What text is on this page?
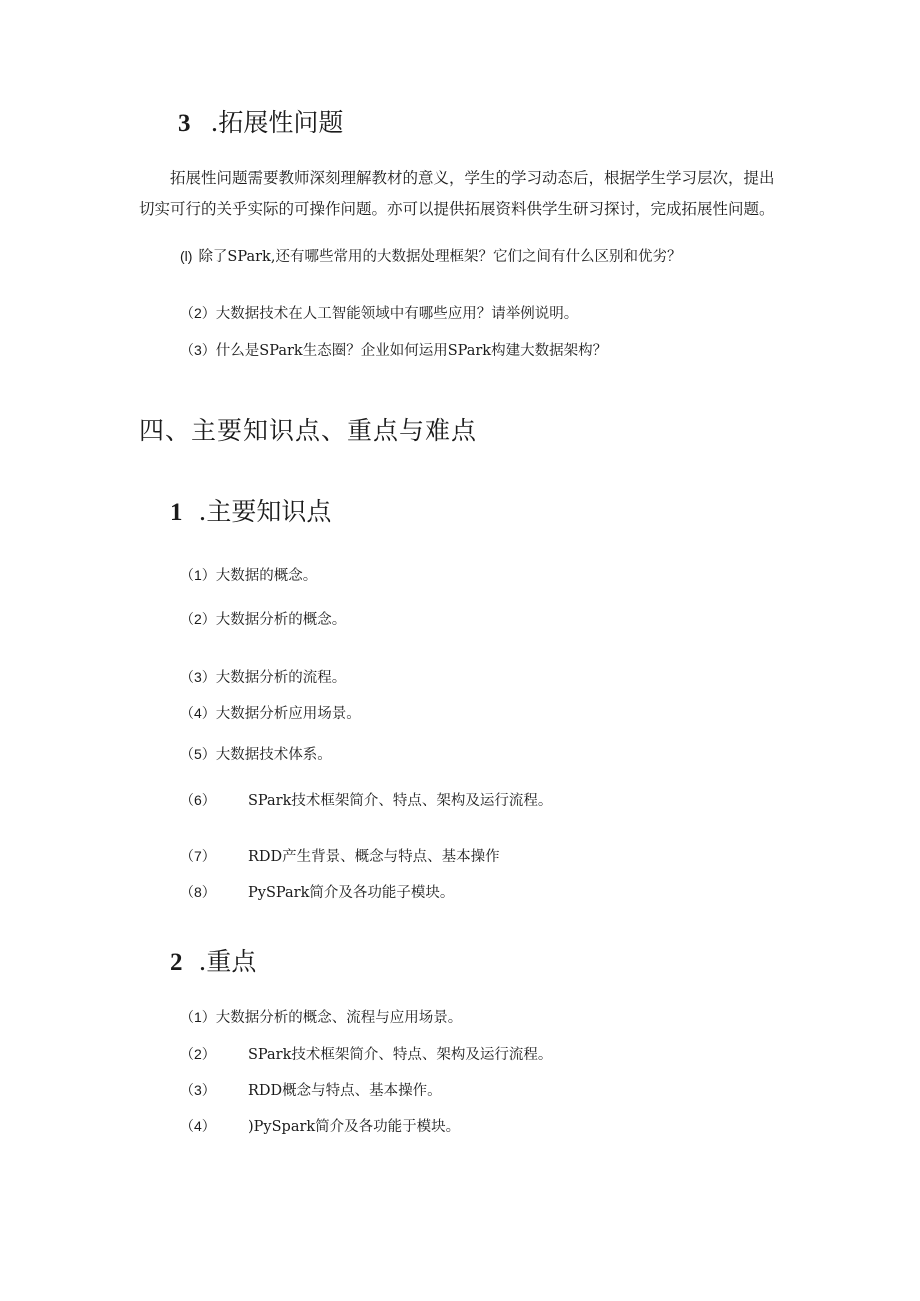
3 .拓展性问题
拓展性问题需要教师深刻理解教材的意义，学生的学习动态后，根据学生学习层次，提出切实可行的关乎实际的可操作问题。亦可以提供拓展资料供学生研习探讨，完成拓展性问题。
(l) 除了SPark,还有哪些常用的大数据处理框架？它们之间有什么区别和优劣？
（2）大数据技术在人工智能领域中有哪些应用？请举例说明。
（3）什么是SPark生态圈？企业如何运用SPark构建大数据架构？
四、主要知识点、重点与难点
1 .主要知识点
（1）大数据的概念。
（2）大数据分析的概念。
（3）大数据分析的流程。
（4）大数据分析应用场景。
（5）大数据技术体系。
（6） SPark技术框架简介、特点、架构及运行流程。
（7） RDD产生背景、概念与特点、基本操作
（8） PySPark简介及各功能子模块。
2 .重点
（1）大数据分析的概念、流程与应用场景。
（2） SPark技术框架简介、特点、架构及运行流程。
（3） RDD概念与特点、基本操作。
（4） )PySpark简介及各功能于模块。
